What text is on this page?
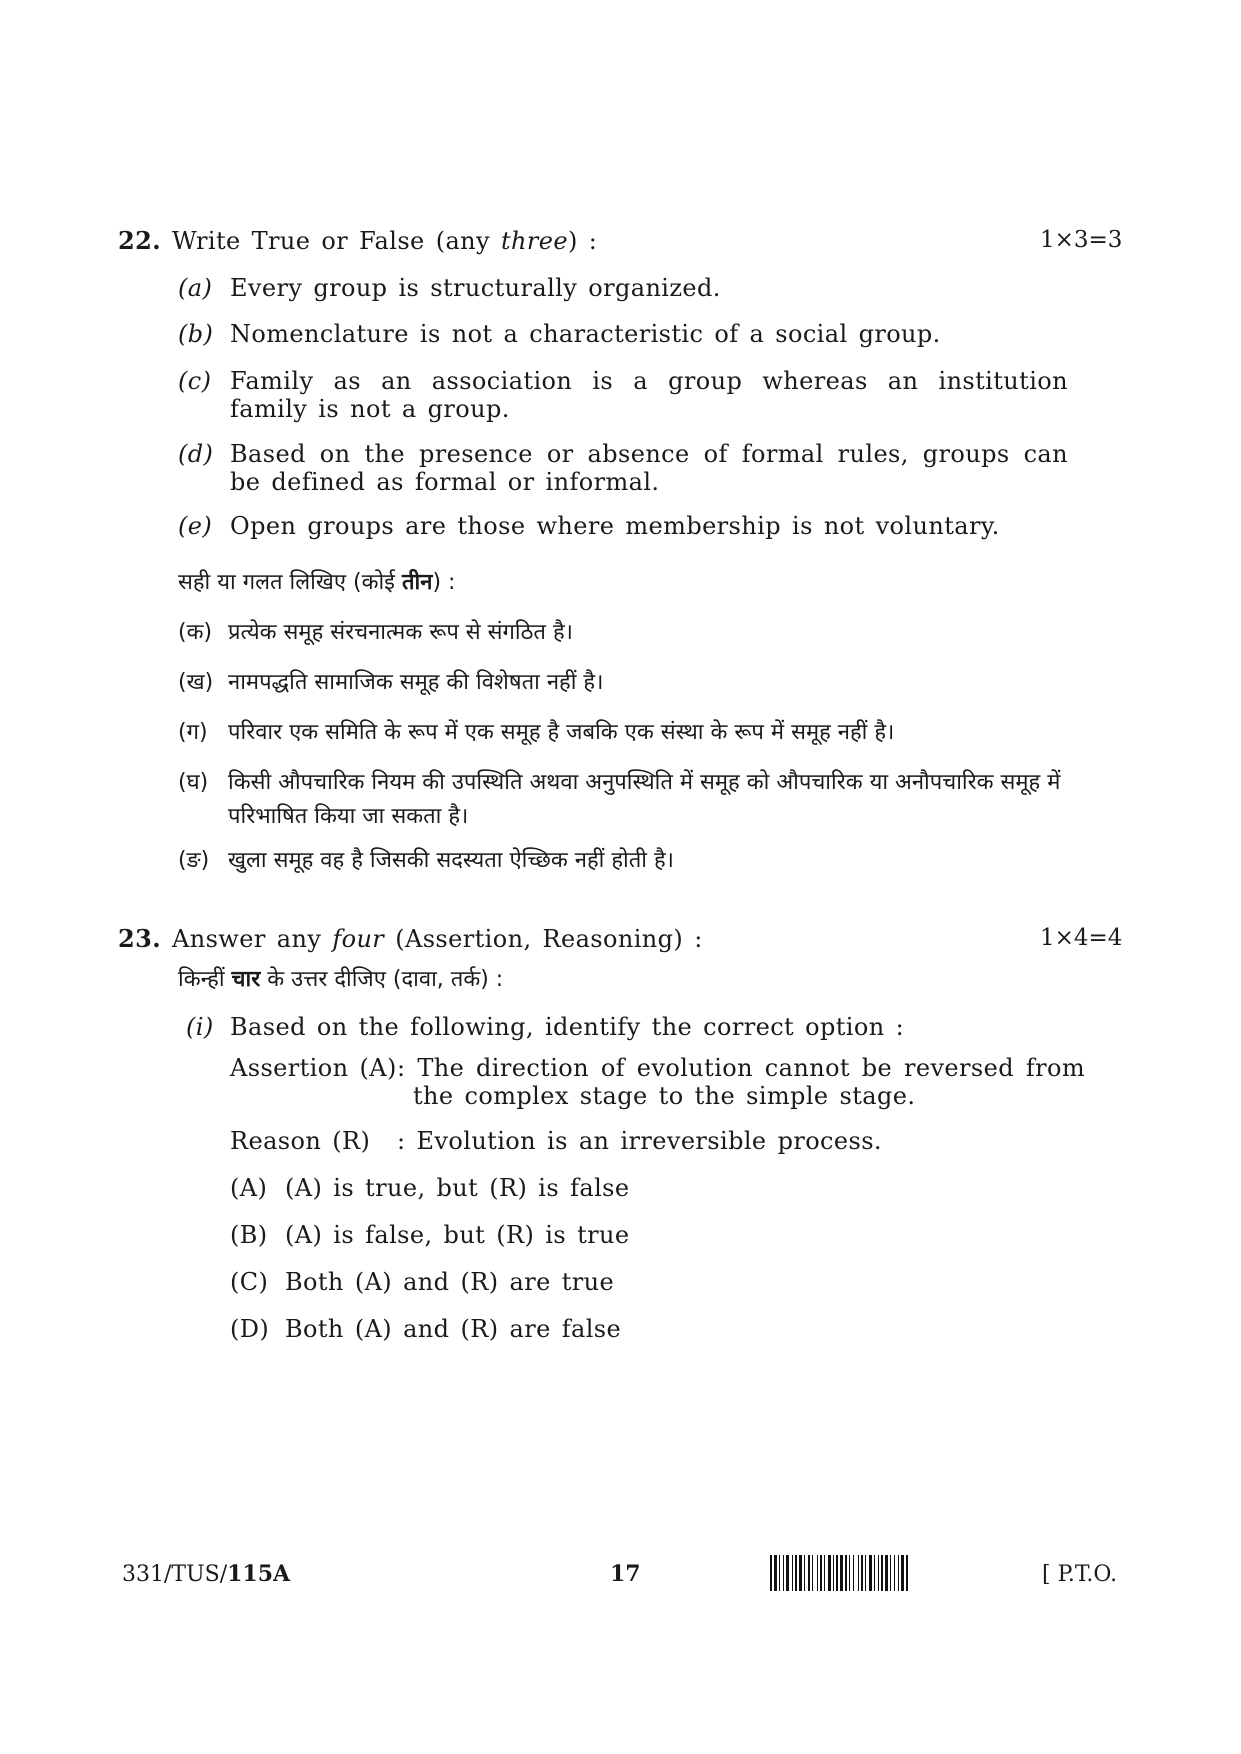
22. Write True or False (any three) :	1×3=3
(a) Every group is structurally organized.
(b) Nomenclature is not a characteristic of a social group.
(c) Family as an association is a group whereas an institution family is not a group.
(d) Based on the presence or absence of formal rules, groups can be defined as formal or informal.
(e) Open groups are those where membership is not voluntary.
सही या गलत लिखिए (कोई तीन) :
(क) प्रत्येक समूह संरचनात्मक रूप से संगठित है।
(ख) नामपद्धति सामाजिक समूह की विशेषता नहीं है।
(ग) परिवार एक समिति के रूप में एक समूह है जबकि एक संस्था के रूप में समूह नहीं है।
(घ) किसी औपचारिक नियम की उपस्थिति अथवा अनुपस्थिति में समूह को औपचारिक या अनौपचारिक समूह में परिभाषित किया जा सकता है।
(ङ) खुला समूह वह है जिसकी सदस्यता ऐच्छिक नहीं होती है।
23. Answer any four (Assertion, Reasoning) :	1×4=4
किन्हीं चार के उत्तर दीजिए (दावा, तर्क) :
(i) Based on the following, identify the correct option :
Assertion (A) : The direction of evolution cannot be reversed from the complex stage to the simple stage.
Reason (R) : Evolution is an irreversible process.
(A) (A) is true, but (R) is false
(B) (A) is false, but (R) is true
(C) Both (A) and (R) are true
(D) Both (A) and (R) are false
331/TUS/115A	17	[ P.T.O.
